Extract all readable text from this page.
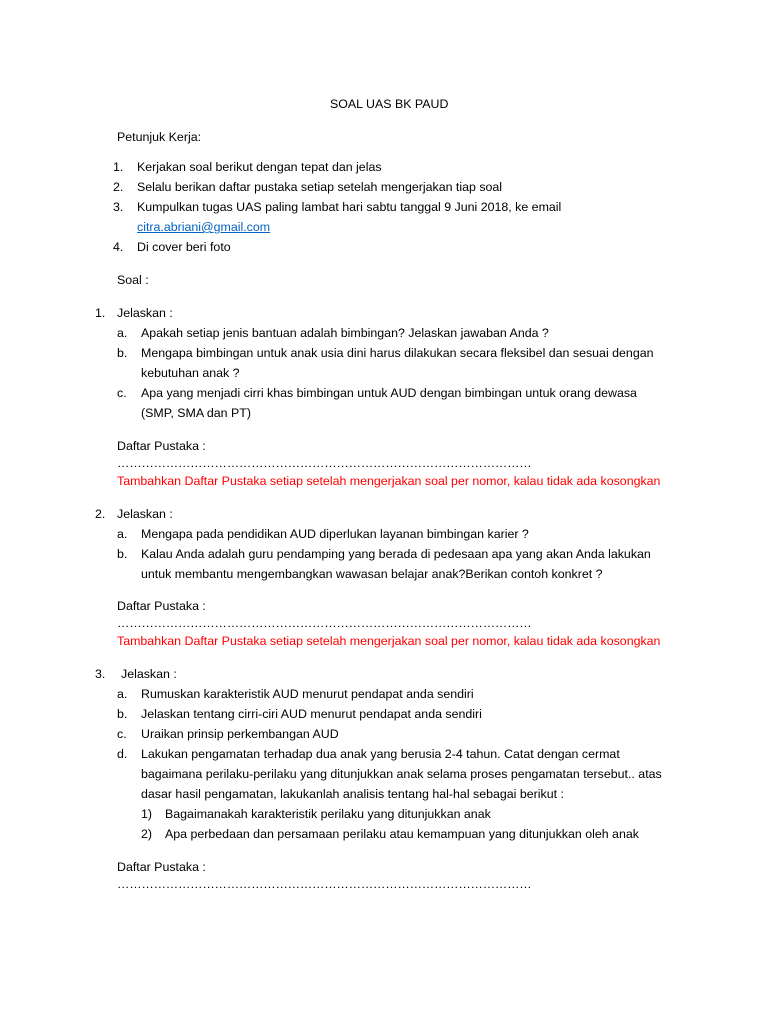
SOAL UAS BK PAUD
Petunjuk Kerja:
1. Kerjakan soal berikut dengan tepat dan jelas
2. Selalu berikan daftar pustaka setiap setelah mengerjakan tiap soal
3. Kumpulkan tugas UAS paling lambat hari sabtu tanggal 9 Juni 2018, ke email
citra.abriani@gmail.com
4. Di cover beri foto
Soal :
1. Jelaskan :
a. Apakah setiap jenis bantuan adalah bimbingan? Jelaskan jawaban Anda ?
b. Mengapa bimbingan untuk anak usia dini harus dilakukan secara fleksibel dan sesuai dengan
kebutuhan anak ?
c. Apa yang menjadi cirri khas bimbingan untuk AUD dengan bimbingan untuk orang dewasa
(SMP, SMA dan PT)
Daftar Pustaka :
…………………………………………………………………………………………
Tambahkan Daftar Pustaka setiap setelah mengerjakan soal per nomor, kalau tidak ada kosongkan
2. Jelaskan :
a. Mengapa pada pendidikan AUD diperlukan layanan bimbingan karier ?
b. Kalau Anda adalah guru pendamping yang berada di pedesaan apa yang akan Anda lakukan
untuk membantu mengembangkan wawasan belajar anak?Berikan contoh konkret ?
Daftar Pustaka :
…………………………………………………………………………………………
Tambahkan Daftar Pustaka setiap setelah mengerjakan soal per nomor, kalau tidak ada kosongkan
3. Jelaskan :
a. Rumuskan karakteristik AUD menurut pendapat anda sendiri
b. Jelaskan tentang cirri-ciri AUD menurut pendapat anda sendiri
c. Uraikan prinsip perkembangan AUD
d. Lakukan pengamatan terhadap dua anak yang berusia 2-4 tahun. Catat dengan cermat
bagaimana perilaku-perilaku yang ditunjukkan anak selama proses pengamatan tersebut.. atas
dasar hasil pengamatan, lakukanlah analisis tentang hal-hal sebagai berikut :
1) Bagaimanakah karakteristik perilaku yang ditunjukkan anak
2) Apa perbedaan dan persamaan perilaku atau kemampuan yang ditunjukkan oleh anak
Daftar Pustaka :
…………………………………………………………………………………………
